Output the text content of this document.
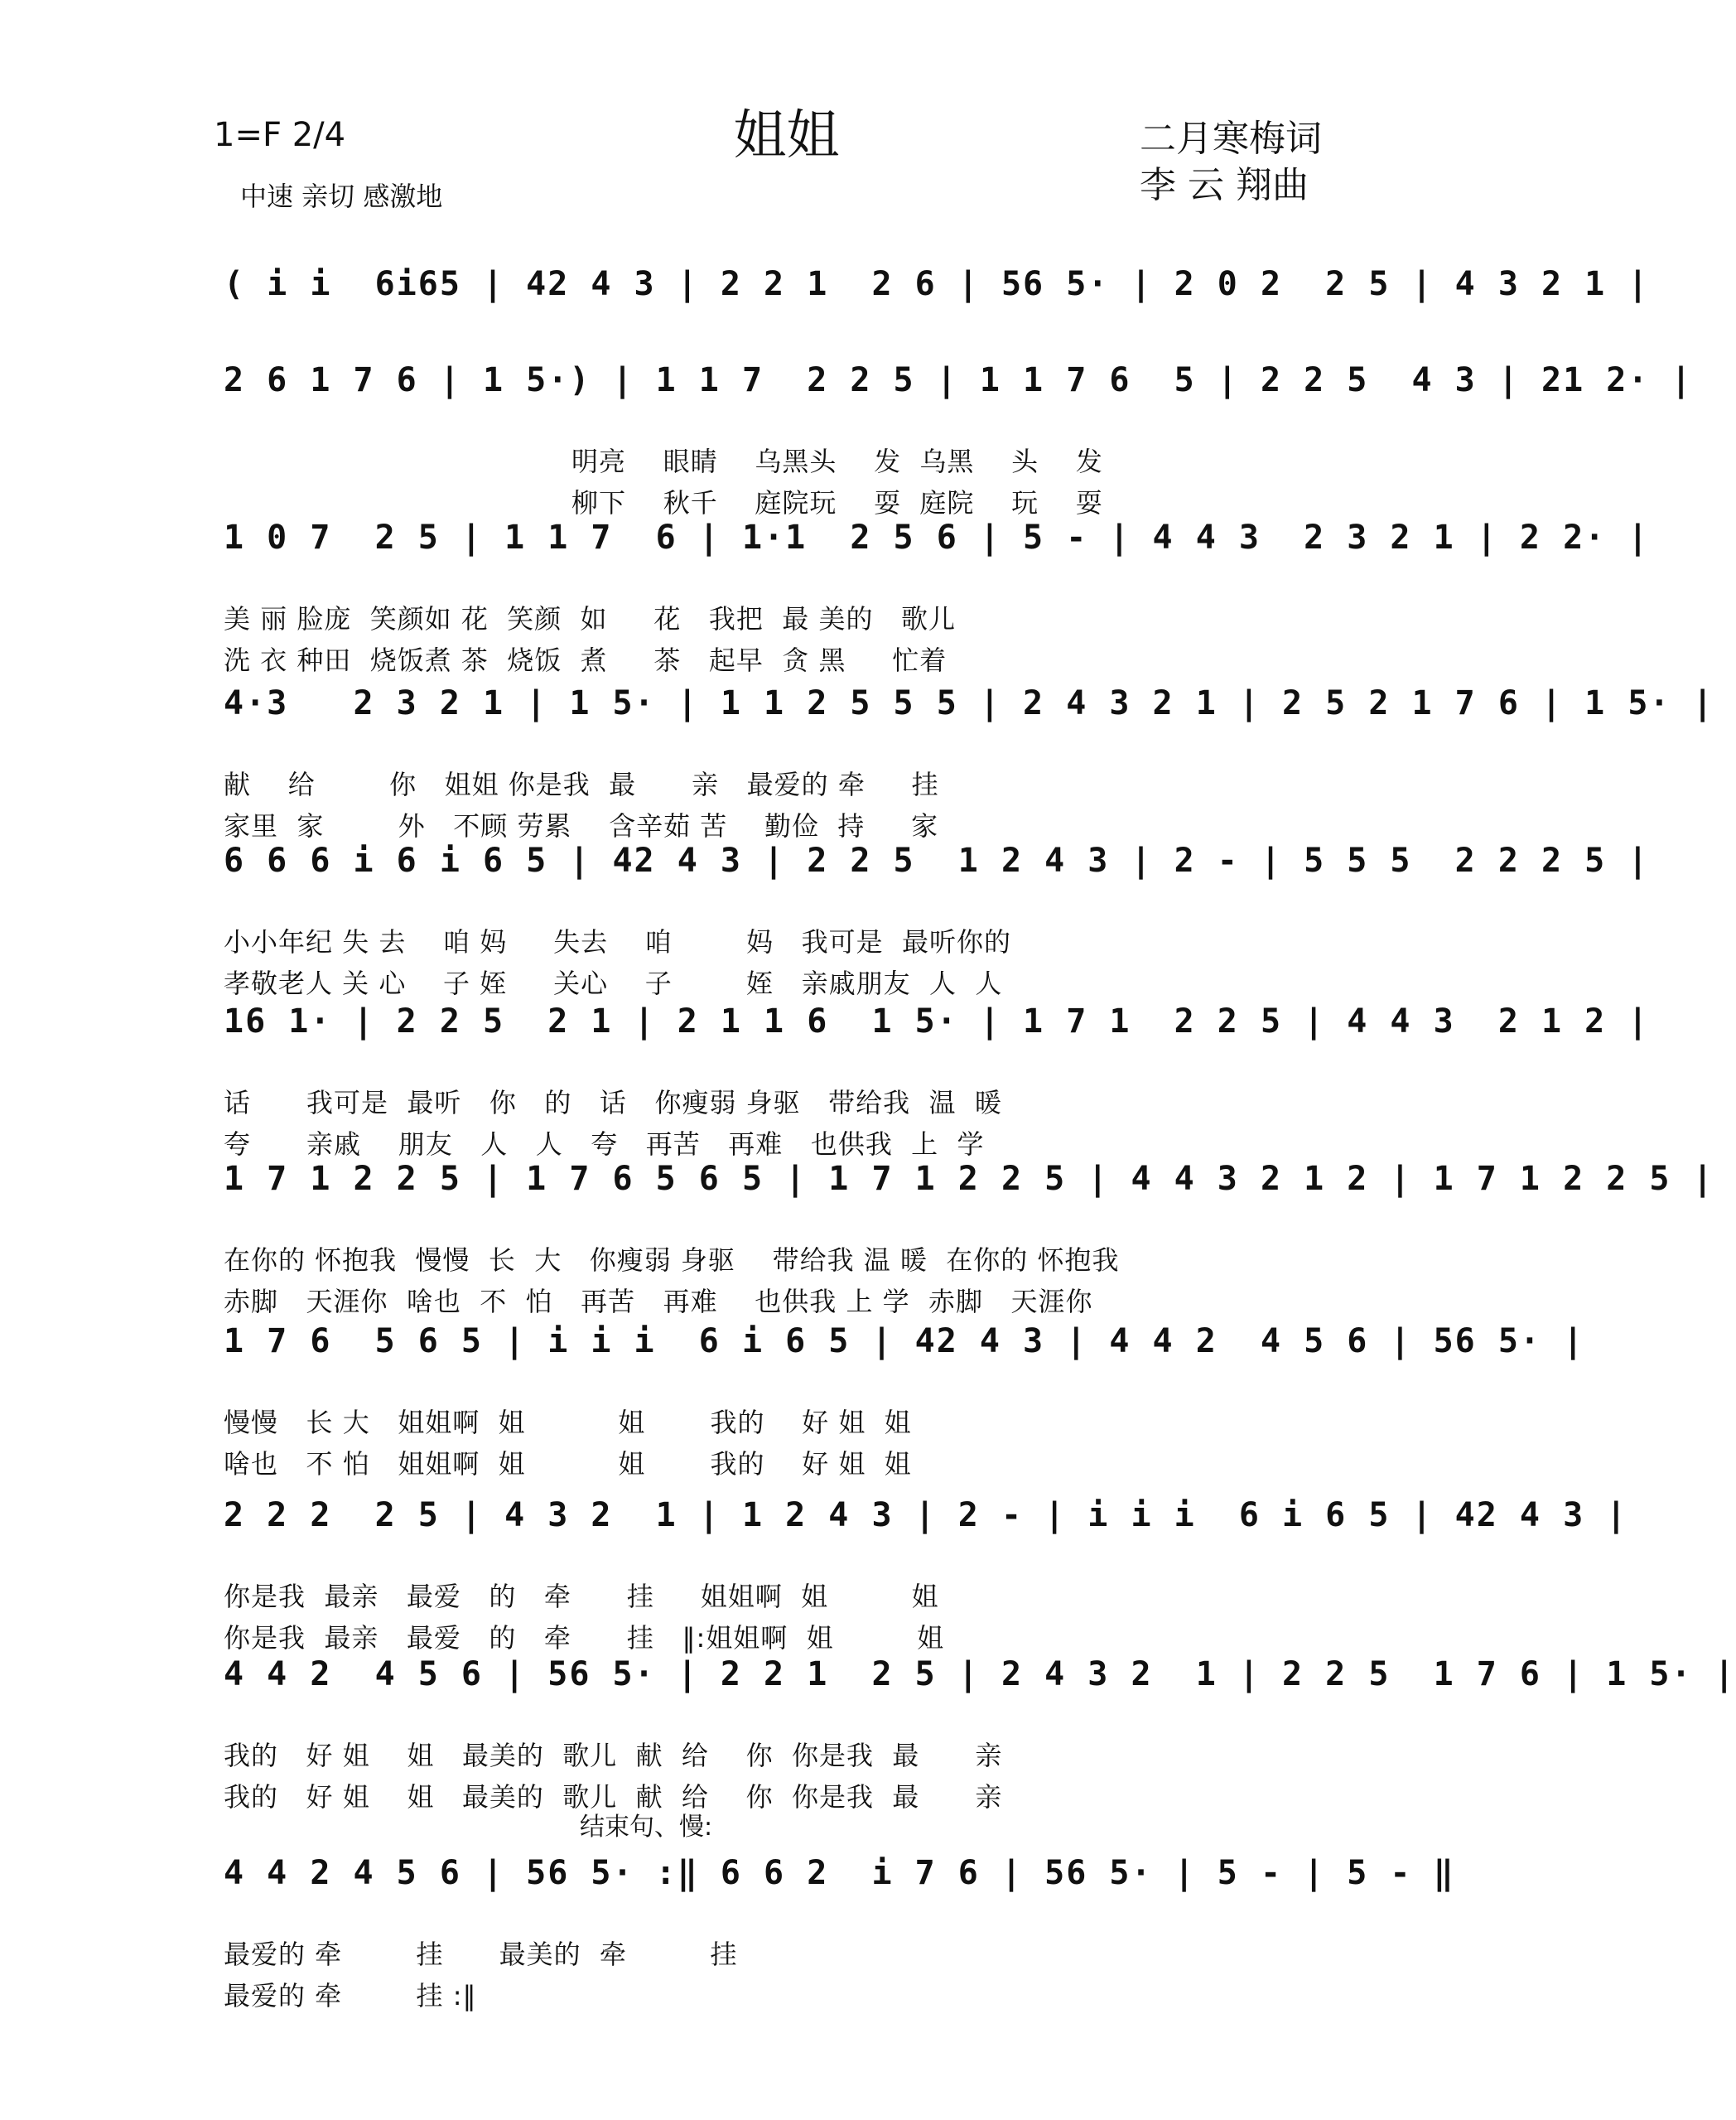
1=F 2/4	姐姐
中速 亲切 感激地
二月寒梅词
李 云 翔曲
( i i  6i65 | 42 4 3 | 2 2 1  2 6 | 56 5· | 2 0 2  2 5 | 4 3 2 1 |
2 6 1 7 6 | 1 5·) | 1 1 7  2 2 5 | 1 1 7 6  5 | 2 2 5  4 3 | 21 2· |
明亮    眼睛    乌黑头    发  乌黑    头    发
柳下    秋千    庭院玩    耍  庭院    玩    耍
1 0 7  2 5 | 1 1 7  6 | 1·1  2 5 6 | 5 - | 4 4 3  2 3 2 1 | 2 2· |
美 丽 脸庞  笑颜如 花  笑颜  如     花   我把  最 美的   歌儿
洗 衣 种田  烧饭煮 茶  烧饭  煮     茶   起早  贪 黑     忙着
4·3   2 3 2 1 | 1 5· | 1 1 2 5 5 5 | 2 4 3 2 1 | 2 5 2 1 7 6 | 1 5· |
献    给        你   姐姐 你是我  最      亲   最爱的 牵     挂
家里  家        外   不顾 劳累    含辛茹 苦    勤俭  持     家
6 6 6 i 6 i 6 5 | 42 4 3 | 2 2 5  1 2 4 3 | 2 - | 5 5 5  2 2 2 5 |
小小年纪 失 去    咱 妈     失去    咱        妈   我可是  最听你的
孝敬老人 关 心    子 姪     关心    子        姪   亲戚朋友  人  人
16 1· | 2 2 5  2 1 | 2 1 1 6  1 5· | 1 7 1  2 2 5 | 4 4 3  2 1 2 |
话      我可是  最听   你   的   话   你瘦弱 身驱   带给我  温  暖
夸      亲戚    朋友   人   人   夸   再苦   再难   也供我  上  学
1 7 1 2 2 5 | 1 7 6 5 6 5 | 1 7 1 2 2 5 | 4 4 3 2 1 2 | 1 7 1 2 2 5 |
在你的 怀抱我  慢慢  长  大   你瘦弱 身驱    带给我 温 暖  在你的 怀抱我
赤脚   天涯你  啥也  不  怕   再苦   再难    也供我 上 学  赤脚   天涯你
1 7 6  5 6 5 | i i i  6 i 6 5 | 42 4 3 | 4 4 2  4 5 6 | 56 5· |
慢慢   长 大   姐姐啊  姐          姐       我的    好 姐  姐
啥也   不 怕   姐姐啊  姐          姐       我的    好 姐  姐
2 2 2  2 5 | 4 3 2  1 | 1 2 4 3 | 2 - | i i i  6 i 6 5 | 42 4 3 |
你是我  最亲   最爱   的   牵      挂     姐姐啊  姐         姐
你是我  最亲   最爱   的   牵      挂   ‖:姐姐啊  姐         姐
4 4 2  4 5 6 | 56 5· | 2 2 1  2 5 | 2 4 3 2  1 | 2 2 5  1 7 6 | 1 5· |
我的   好 姐    姐   最美的  歌儿  献  给    你  你是我  最      亲
我的   好 姐    姐   最美的  歌儿  献  给    你  你是我  最      亲
结束句、慢:
4 4 2 4 5 6 | 56 5· :‖ 6 6 2  i 7 6 | 56 5· | 5 - | 5 - ‖
最爱的 牵        挂      最美的  牵         挂
最爱的 牵        挂 :‖
